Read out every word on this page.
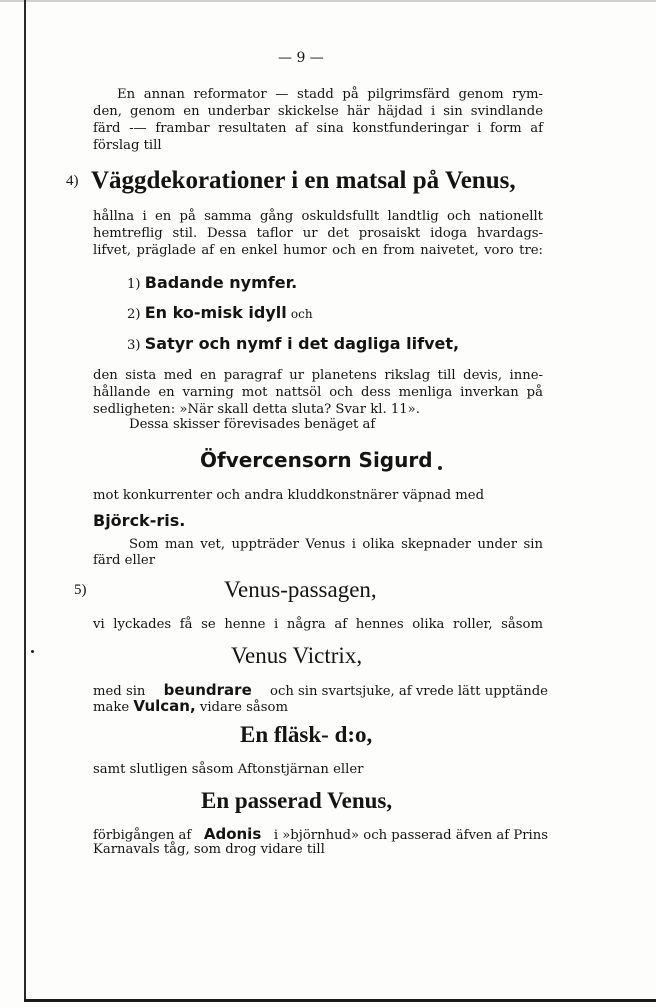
— 9 —
En annan reformator — stadd på pilgrimsfärd genom rym-
den, genom en underbar skickelse här häjdad i sin svindlande
färd -— frambar resultaten af sina konstfunderingar i form af
förslag till
4) Väggdekorationer i en matsal på Venus,
hållna i en på samma gång oskuldsfullt landtlig och nationellt
hemtreflig stil. Dessa taflor ur det prosaiskt idoga hvardags-
lifvet, präglade af en enkel humor och en from naivetet, voro tre:
1) Badande nymfer.
2) En ko-misk idyll och
3) Satyr och nymf i det dagliga lifvet,
den sista med en paragraf ur planetens rikslag till devis, inne-
hållande en varning mot nattsöl och dess menliga inverkan på
sedligheten: »När skall detta sluta? Svar kl. 11».
Dessa skisser förevisades benäget af
Öfvercensorn Sigurd
mot konkurrenter och andra kluddkonstnärer väpnad med
Björck-ris.
Som man vet, uppträder Venus i olika skepnader under sin
färd eller
5)	Venus-passagen,
vi lyckades få se henne i några af hennes olika roller, såsom
Venus Victrix,
med sin beundrare och sin svartsjuke, af vrede lätt upptände
make Vulcan, vidare såsom
En fläsk- d:o,
samt slutligen såsom Aftonstjärnan eller
En passerad Venus,
förbigången af Adonis i »björnhud» och passerad äfven af Prins
Karnavals tåg, som drog vidare till
